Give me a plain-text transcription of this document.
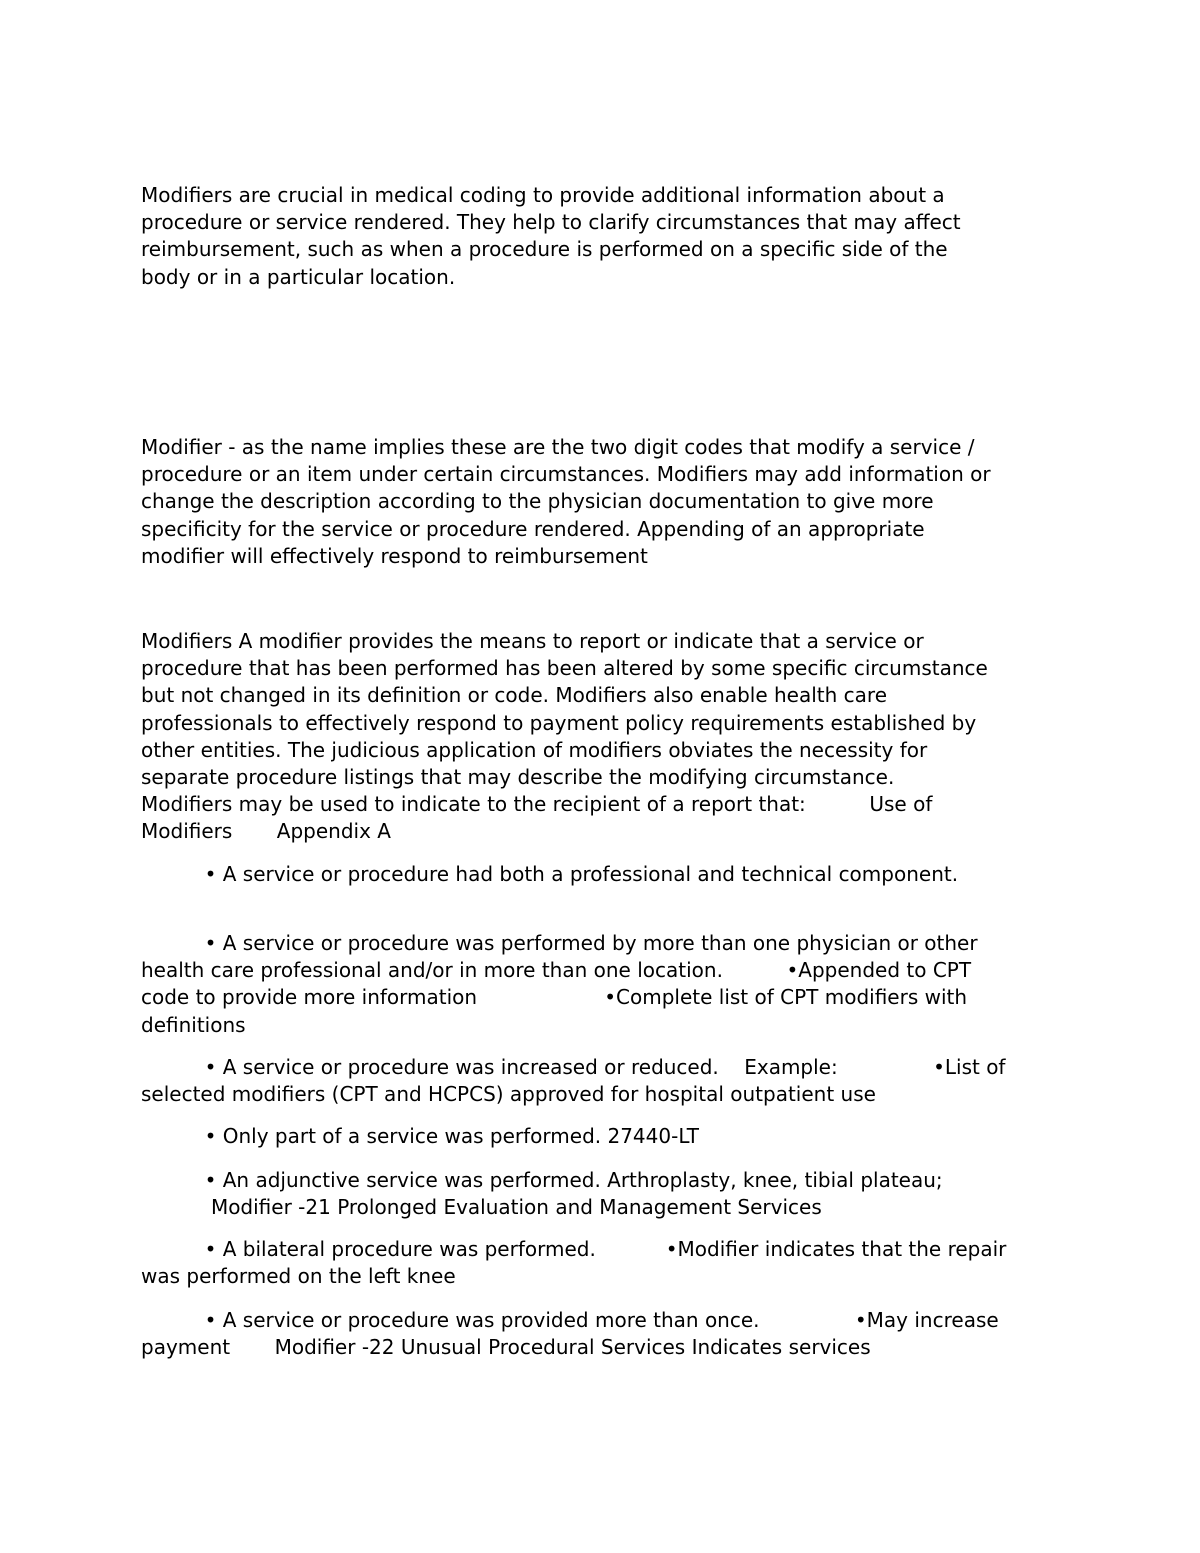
Modifiers are crucial in medical coding to provide additional information about a
procedure or service rendered. They help to clarify circumstances that may affect
reimbursement, such as when a procedure is performed on a specific side of the
body or in a particular location.

Modifier - as the name implies these are the two digit codes that modify a service /
procedure or an item under certain circumstances. Modifiers may add information or
change the description according to the physician documentation to give more
specificity for the service or procedure rendered. Appending of an appropriate
modifier will effectively respond to reimbursement

Modifiers A modifier provides the means to report or indicate that a service or
procedure that has been performed has been altered by some specific circumstance
but not changed in its definition or code. Modifiers also enable health care
professionals to effectively respond to payment policy requirements established by
other entities. The judicious application of modifiers obviates the necessity for
separate procedure listings that may describe the modifying circumstance.
Modifiers may be used to indicate to the recipient of a report that:          Use of
Modifiers       Appendix A

• A service or procedure had both a professional and technical component.

• A service or procedure was performed by more than one physician or other
health care professional and/or in more than one location.          •Appended to CPT
code to provide more information                    •Complete list of CPT modifiers with
definitions

• A service or procedure was increased or reduced.    Example:               •List of
selected modifiers (CPT and HCPCS) approved for hospital outpatient use

• Only part of a service was performed. 27440-LT

• An adjunctive service was performed. Arthroplasty, knee, tibial plateau;
Modifier -21 Prolonged Evaluation and Management Services

• A bilateral procedure was performed.           •Modifier indicates that the repair
was performed on the left knee

• A service or procedure was provided more than once.               •May increase
payment       Modifier -22 Unusual Procedural Services Indicates services
